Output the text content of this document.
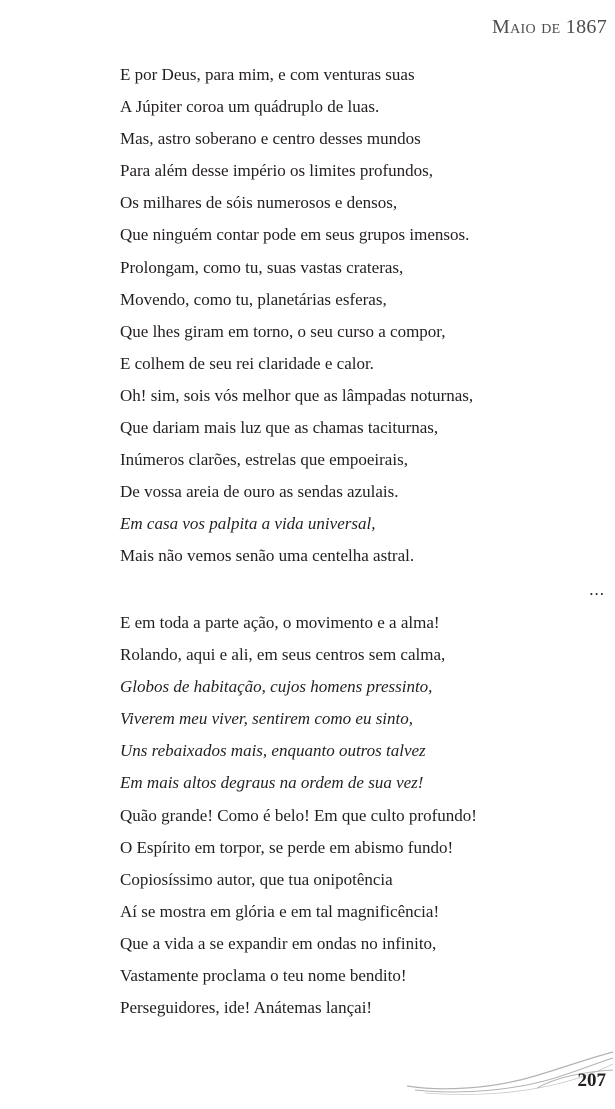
Maio de 1867
E por Deus, para mim, e com venturas suas
A Júpiter coroa um quádruplo de luas.
Mas, astro soberano e centro desses mundos
Para além desse império os limites profundos,
Os milhares de sóis numerosos e densos,
Que ninguém contar pode em seus grupos imensos.
Prolongam, como tu, suas vastas crateras,
Movendo, como tu, planetárias esferas,
Que lhes giram em torno, o seu curso a compor,
E colhem de seu rei claridade e calor.
Oh! sim, sois vós melhor que as lâmpadas noturnas,
Que dariam mais luz que as chamas taciturnas,
Inúmeros clarões, estrelas que empoeirais,
De vossa areia de ouro as sendas azulais.
Em casa vos palpita a vida universal,
Mais não vemos senão uma centelha astral.
...
E em toda a parte ação, o movimento e a alma!
Rolando, aqui e ali, em seus centros sem calma,
Globos de habitação, cujos homens pressinto,
Viverem meu viver, sentirem como eu sinto,
Uns rebaixados mais, enquanto outros talvez
Em mais altos degraus na ordem de sua vez!
Quão grande! Como é belo! Em que culto profundo!
O Espírito em torpor, se perde em abismo fundo!
Copiosíssimo autor, que tua onipotência
Aí se mostra em glória e em tal magnificência!
Que a vida a se expandir em ondas no infinito,
Vastamente proclama o teu nome bendito!
Perseguidores, ide! Anátemas lançai!
207
